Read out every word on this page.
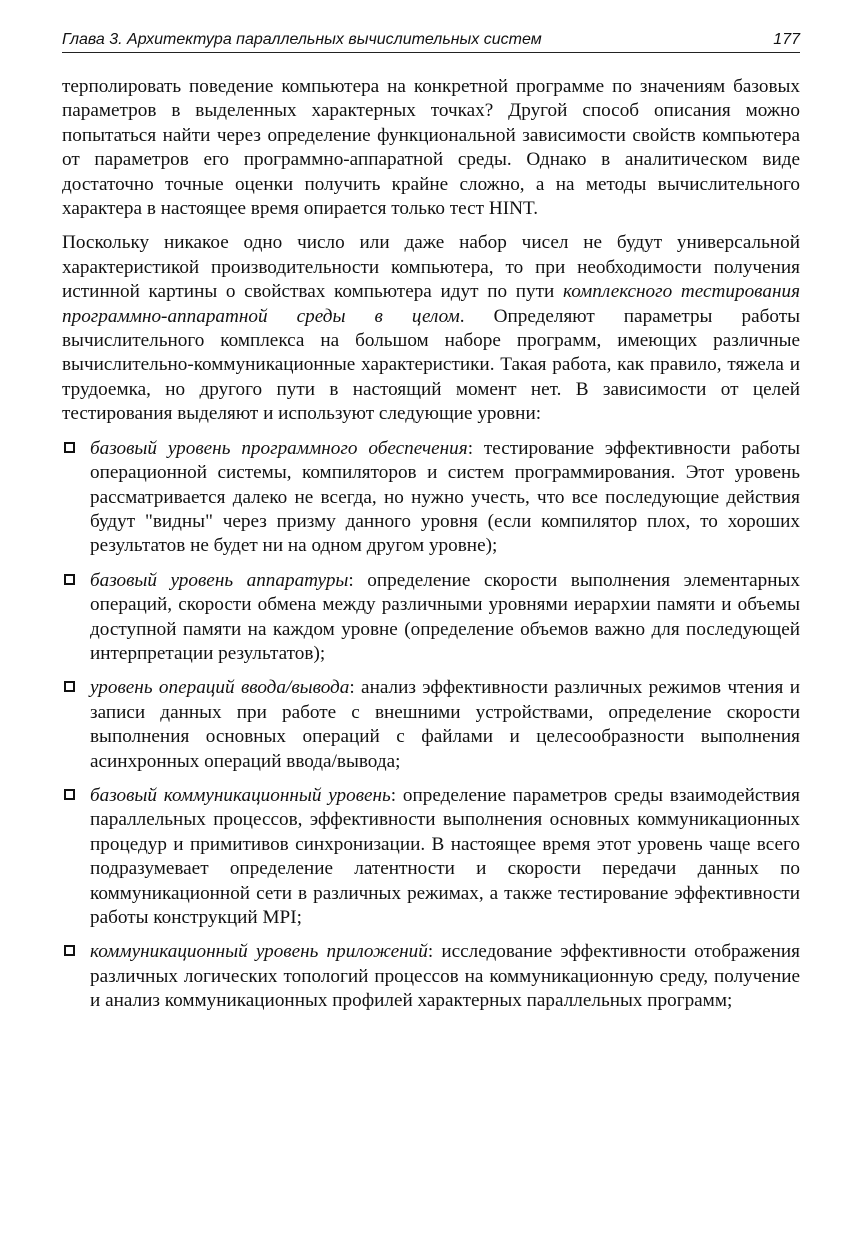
Глава 3. Архитектура параллельных вычислительных систем	177

терполировать поведение компьютера на конкретной программе по значениям базовых параметров в выделенных характерных точках? Другой способ описания можно попытаться найти через определение функциональной зависимости свойств компьютера от параметров его программно-аппаратной среды. Однако в аналитическом виде достаточно точные оценки получить крайне сложно, а на методы вычислительного характера в настоящее время опирается только тест HINT.

Поскольку никакое одно число или даже набор чисел не будут универсальной характеристикой производительности компьютера, то при необходимости получения истинной картины о свойствах компьютера идут по пути комплексного тестирования программно-аппаратной среды в целом. Определяют параметры работы вычислительного комплекса на большом наборе программ, имеющих различные вычислительно-коммуникационные характеристики. Такая работа, как правило, тяжела и трудоемка, но другого пути в настоящий момент нет. В зависимости от целей тестирования выделяют и используют следующие уровни:

базовый уровень программного обеспечения: тестирование эффективности работы операционной системы, компиляторов и систем программирования. Этот уровень рассматривается далеко не всегда, но нужно учесть, что все последующие действия будут "видны" через призму данного уровня (если компилятор плох, то хороших результатов не будет ни на одном другом уровне);
базовый уровень аппаратуры: определение скорости выполнения элементарных операций, скорости обмена между различными уровнями иерархии памяти и объемы доступной памяти на каждом уровне (определение объемов важно для последующей интерпретации результатов);
уровень операций ввода/вывода: анализ эффективности различных режимов чтения и записи данных при работе с внешними устройствами, определение скорости выполнения основных операций с файлами и целесообразности выполнения асинхронных операций ввода/вывода;
базовый коммуникационный уровень: определение параметров среды взаимодействия параллельных процессов, эффективности выполнения основных коммуникационных процедур и примитивов синхронизации. В настоящее время этот уровень чаще всего подразумевает определение латентности и скорости передачи данных по коммуникационной сети в различных режимах, а также тестирование эффективности работы конструкций MPI;
коммуникационный уровень приложений: исследование эффективности отображения различных логических топологий процессов на коммуникационную среду, получение и анализ коммуникационных профилей характерных параллельных программ;
